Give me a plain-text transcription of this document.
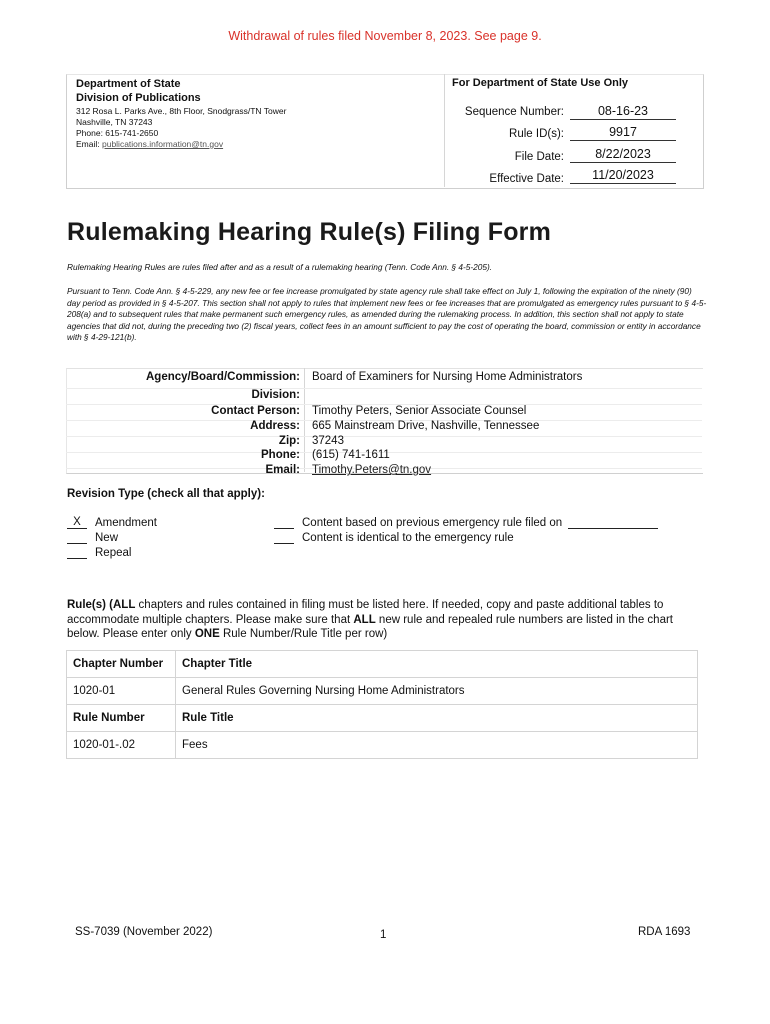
Withdrawal of rules filed November 8, 2023. See page 9.
Department of State
Division of Publications
312 Rosa L. Parks Ave., 8th Floor, Snodgrass/TN Tower
Nashville, TN 37243
Phone: 615-741-2650
Email: publications.information@tn.gov
For Department of State Use Only
Sequence Number:	08-16-23
Rule ID(s):	9917
File Date:	8/22/2023
Effective Date:	11/20/2023
Rulemaking Hearing Rule(s) Filing Form
Rulemaking Hearing Rules are rules filed after and as a result of a rulemaking hearing (Tenn. Code Ann. § 4-5-205).
Pursuant to Tenn. Code Ann. § 4-5-229, any new fee or fee increase promulgated by state agency rule shall take effect on July 1, following the expiration of the ninety (90) day period as provided in § 4-5-207. This section shall not apply to rules that implement new fees or fee increases that are promulgated as emergency rules pursuant to § 4-5-208(a) and to subsequent rules that make permanent such emergency rules, as amended during the rulemaking process. In addition, this section shall not apply to state agencies that did not, during the preceding two (2) fiscal years, collect fees in an amount sufficient to pay the cost of operating the board, commission or entity in accordance with § 4-29-121(b).
Agency/Board/Commission: Board of Examiners for Nursing Home Administrators
Division:
Contact Person: Timothy Peters, Senior Associate Counsel
Address: 665 Mainstream Drive, Nashville, Tennessee
Zip: 37243
Phone: (615) 741-1611
Email: Timothy.Peters@tn.gov
Revision Type (check all that apply):
X Amendment
New
Repeal
Content based on previous emergency rule filed on
Content is identical to the emergency rule
Rule(s) (ALL chapters and rules contained in filing must be listed here. If needed, copy and paste additional tables to accommodate multiple chapters. Please make sure that ALL new rule and repealed rule numbers are listed in the chart below. Please enter only ONE Rule Number/Rule Title per row)
Chapter Number	Chapter Title
1020-01	General Rules Governing Nursing Home Administrators
Rule Number	Rule Title
1020-01-.02	Fees
SS-7039 (November 2022)	1	RDA 1693
